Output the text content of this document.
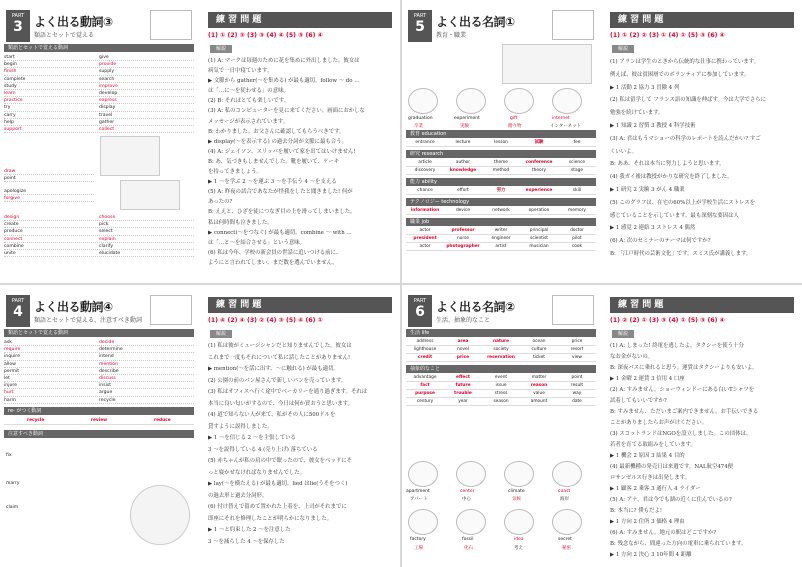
PART
3 よく出る動詞③
類語とセットで覚える
類語とセットで覚える動詞
start	give
begin	provide
finish	supply
complete	search
study	improve
learn	develop
practice	express
try	display
carry	travel
help	gather
support	collect
draw
point
apologize
forgive
design	choose
create	pick
produce	select
connect	explain
combine	clarify
unite	elucidate
練 習 問 題
(1) ① (2) ③ (3) ③ (4) ④ (5) ③ (6) ④
解説

(1) A: マークは毎週のために花を集めに外出しました。彼女は

病気で一日中寝ています。

▶ 文脈から gather(〜を集める) が最も適切。follow 〜 do …

は「…に〜を従わせる」の意味。

(2) B: それはとても楽しいです。

(3) A: 私のコンピューターを見に来てください。画面におかしな

メッセージが表示されています。

B: わかりました。お父さんに確認してもらうべきです。

▶ display(〜を表示する) の過去分詞が文脈に最も合う。

(4) A: ジェイソン、スリッパを履いて家を出てはいけません!

B: あ、気づきもしませんでした。靴を履いて、ケーキ

を持ってきましょう。

▶ 1 〜を学ぶ 2 〜を運ぶ 3 〜を手伝う 4 〜を支える

(5) A: 昨夜の試合であなたが怪我をしたと聞きました! 何が

あったの?

B: ええと、ひざを徒につなぎ目の上を滑ってしまいました。

私は何時間も泣きました。

▶ connect(〜をつなぐ) が最も適切。combine 〜 with …

は「…と〜を結合させる」という意味。

(6) 私は今年、学校の新会員の世話に追いつける前に、

ようにと言われてしまい、まだ数を選んでいません。

PART
5 よく出る名詞①
教育・職業
graduation	experiment	gift	internet
卒業	実験	贈り物	インターネット
教育 education
entrance	lecture	lesson	試験	fee
研究 research
article	author	theme	conference	science
discovery	knowledge	method	theory	stage
能力 ability
chance	effort	努力	experience	skill
テクノロジー technology
information	device	network	operation	memory
職業 job
actor	professor	writer	principal	doctor
president	nurse	engineer	scientist	pilot
actor	photographer	artist	musician	cook
練 習 問 題
(1) ① (2) ② (3) ① (4) ① (5) ③ (6) ④
解説

(1) アランは学生のときから伝統的な仕事に携わっています。

例えば、彼は貧困層でのボランティアに参加しています。

▶ 1 活動 2 協力 3 冒険 4 列

(2) 私は留学して フランス語の知識を伸ばす。今は大学でさらに

勉強を続けています。

▶ 1 知識 2 習慣 3 教授 4 科学技術

(3) A: 君はもうマショーの科学のレポートを読んだかい? すご

くいいよ。

B: ああ、それは本当に努力しようと思います。

(4) 我ガイ後は教授がかりな研究を終了しました。

▶ 1 研究 2 実験 3 がん 4 職業

(5) このグラフは、在宅の60%以上が学校生活にストレスを

感じていることを示しています。最も深刻な要因は人

▶ 1 感覚 2 連絡 3 ストレス 4 偶然

(6) A: 次のセミナーのテーマは何ですか?

B: 「江戸時代の芸術文化」です。スミス氏が講義します。

PART
4 よく出る動詞④
類語とセットで覚える、注意すべき動詞
類語とセットで覚える動詞
ask	decide
require	determine
inquire	intend
allow	mention
permit	describe
let	discuss
injure	insist
hurt	argue
harm	recycle
re- がつく動詞
recycle	review	reduce
注意すべき動詞
fix
marry
claim
練 習 問 題
(1) ④ (2) ④ (3) ② (4) ③ (5) ④ (6) ①
解説

(1) 私は彼がミュージシャンだと知りませんでした。彼女は

これまで一度もそれについて私に話したことがありません!

▶ mention(〜を話に出す、〜に触れる) が最も適切。

(2) 公園の前のパン屋さんで新しいパンを売っています。

(3) 私はオフィスへ行く途中でベーカリーを通り過ぎます。それは

本当に良い匂いがするので、今日は何か買おうと思います。

(4) 道で知らない人が来て、私がその人に500ドルを

貸すように説得しました。

▶ 1 〜を信じる 2 〜を主張している

3 〜を説得している 4 (売り上げ) 落ちている

(5) 赤ちゃんが私の肩の中で眠ったので、彼女をベッドにそ

っと寝かせなければなりませんでした。

▶ lay(〜を横たえる) が最も適切。lied はlie(うそをつく)

の過去形と過去分詞形。

(6) 付け替えで留めて置かれた上着を、上司がそれまでに

即座にそれを修理したことが明らかになりました。

▶ 1 〜と約束した 2 〜を注意した

3 〜を減らした 4 〜を保存した

PART
6 よく出る名詞②
生活、抽象的なこと
生活 life
address	area	nature	ocean	price
lighthouse	novel	society	culture	resort
credit	price	reservation	ticket	view
抽象的なこと
advantage	effect	event	matter	point
fact	future	issue	reason	result
purpose	trouble	stress	value	way
century	year	season	amount	date
apartment	center	climate	coast
アパート	中心	気候	海岸
factory	fossil	idea	secret
工場	化石	考え	秘密
練 習 問 題
(1) ② (2) ① (3) ③ (4) ① (5) ③ (6) ④
解説

(1) A: しまった! 終電を逃したよ。タクシーを使う十分

なお金がないの。

B: 深夜バスに乗れると思う。運賃はタクシーよりも安いよ。

▶ 1 金曜 2 運賃 3 信用 4 口座

(2) A: すみません。ショーウィンドーにある白いTシャツを

試着してもいいですか?

B: すみません、ただいまご案内できません。お手伝いできる

ことがありましたらお声がけください。

(3) スコットランドはNGOを設立しました。この団体は、

若者を育てる取組みをしています。

▶ 1 機会 2 原因 3 結果 4 目的

(4) 最新機種の発売日は来週です。NAL航空474便

ロサンゼルス行きは出発します。

▶ 1 顧客 2 乗客 3 通行人 4 ライダー

(5) A: アナ、君は今でも湖の近くに住んでいるの?

B: 本当に? 僕もだよ!

▶ 1 方向 2 住所 3 価格 4 理由

(6) A: すみません。地元の駅はどこですか?

B: 残念ながら、間違った方向の電車に乗られています。

▶ 1 方向 2 決心 3 10年間 4 距離
